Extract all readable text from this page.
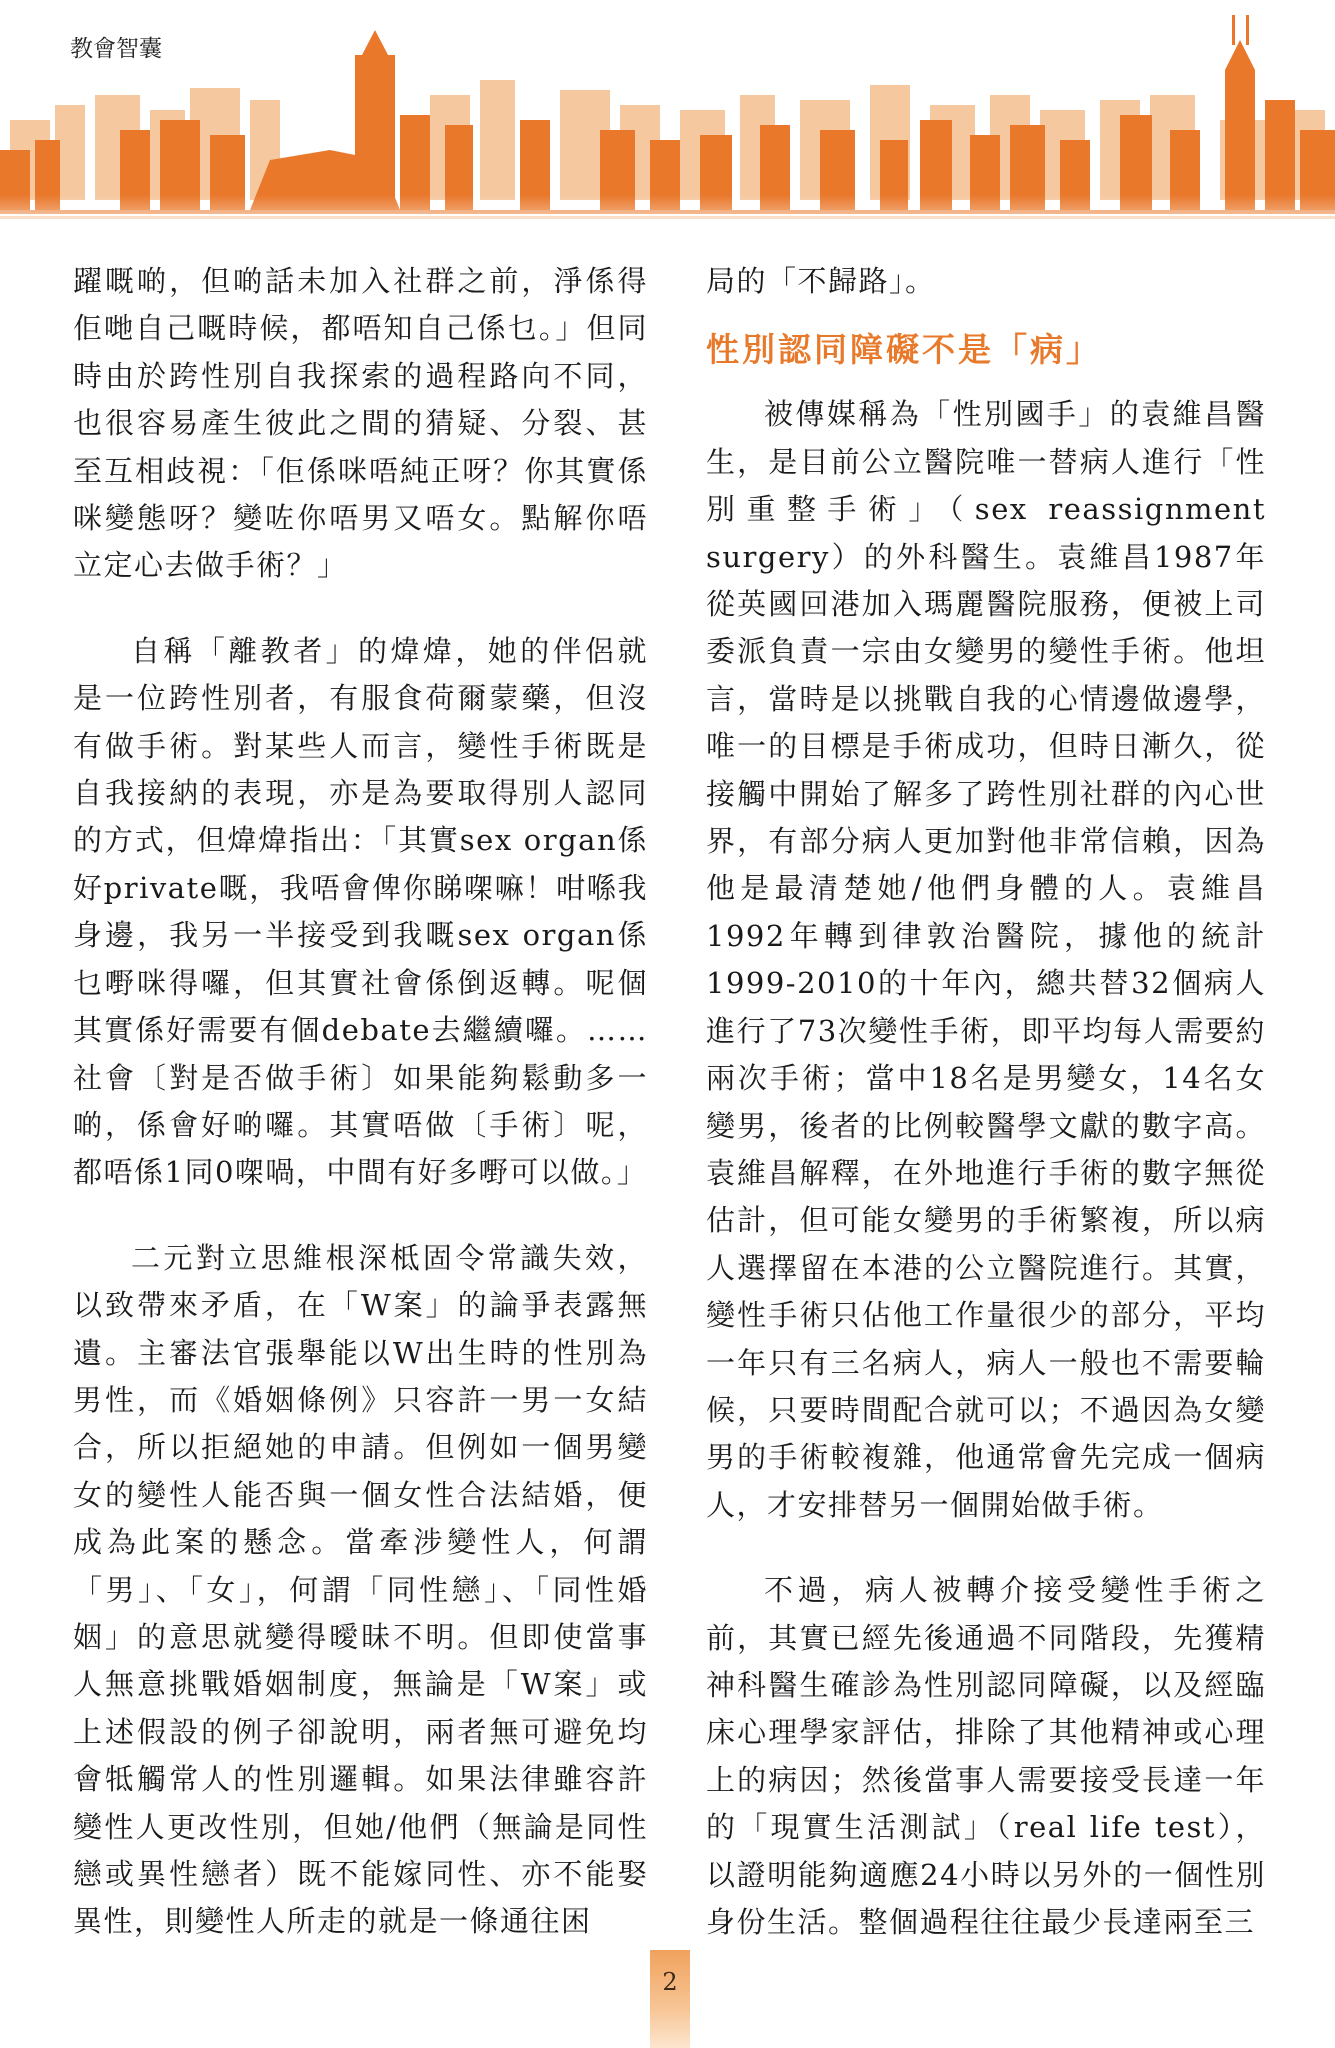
教會智囊

躍嘅啲，但啲話未加入社群之前，淨係得佢哋自己嘅時候，都唔知自己係乜。」但同時由於跨性別自我探索的過程路向不同，也很容易產生彼此之間的猜疑、分裂、甚至互相歧視：「佢係咪唔純正呀？你其實係咪變態呀？變咗你唔男又唔女。點解你唔立定心去做手術？」

自稱「離教者」的煒煒，她的伴侶就是一位跨性別者，有服食荷爾蒙藥，但沒有做手術。對某些人而言，變性手術既是自我接納的表現，亦是為要取得別人認同的方式，但煒煒指出：「其實sex organ係好private嘅，我唔會俾你睇㗎嘛！咁喺我身邊，我另一半接受到我嘅sex organ係乜嘢咪得囉，但其實社會係倒返轉。呢個其實係好需要有個debate去繼續囉。……社會〔對是否做手術〕如果能夠鬆動多一啲，係會好啲囉。其實唔做〔手術〕呢，都唔係1同0㗎喎，中間有好多嘢可以做。」

二元對立思維根深柢固令常識失效，以致帶來矛盾，在「W案」的論爭表露無遺。主審法官張舉能以W出生時的性別為男性，而《婚姻條例》只容許一男一女結合，所以拒絕她的申請。但例如一個男變女的變性人能否與一個女性合法結婚，便成為此案的懸念。當牽涉變性人，何謂「男」、「女」，何謂「同性戀」、「同性婚姻」的意思就變得曖昧不明。但即使當事人無意挑戰婚姻制度，無論是「W案」或上述假設的例子卻說明，兩者無可避免均會牴觸常人的性別邏輯。如果法律雖容許變性人更改性別，但她/他們（無論是同性戀或異性戀者）既不能嫁同性、亦不能娶異性，則變性人所走的就是一條通往困

局的「不歸路」。

性別認同障礙不是「病」

被傳媒稱為「性別國手」的袁維昌醫生，是目前公立醫院唯一替病人進行「性別重整手術」（sex reassignment surgery）的外科醫生。袁維昌1987年從英國回港加入瑪麗醫院服務，便被上司委派負責一宗由女變男的變性手術。他坦言，當時是以挑戰自我的心情邊做邊學，唯一的目標是手術成功，但時日漸久，從接觸中開始了解多了跨性別社群的內心世界，有部分病人更加對他非常信賴，因為他是最清楚她/他們身體的人。袁維昌1992年轉到律敦治醫院，據他的統計1999-2010的十年內，總共替32個病人進行了73次變性手術，即平均每人需要約兩次手術；當中18名是男變女，14名女變男，後者的比例較醫學文獻的數字高。袁維昌解釋，在外地進行手術的數字無從估計，但可能女變男的手術繁複，所以病人選擇留在本港的公立醫院進行。其實，變性手術只佔他工作量很少的部分，平均一年只有三名病人，病人一般也不需要輪候，只要時間配合就可以；不過因為女變男的手術較複雜，他通常會先完成一個病人，才安排替另一個開始做手術。

不過，病人被轉介接受變性手術之前，其實已經先後通過不同階段，先獲精神科醫生確診為性別認同障礙，以及經臨床心理學家評估，排除了其他精神或心理上的病因；然後當事人需要接受長達一年的「現實生活測試」（real life test），以證明能夠適應24小時以另外的一個性別身份生活。整個過程往往最少長達兩至三

2
